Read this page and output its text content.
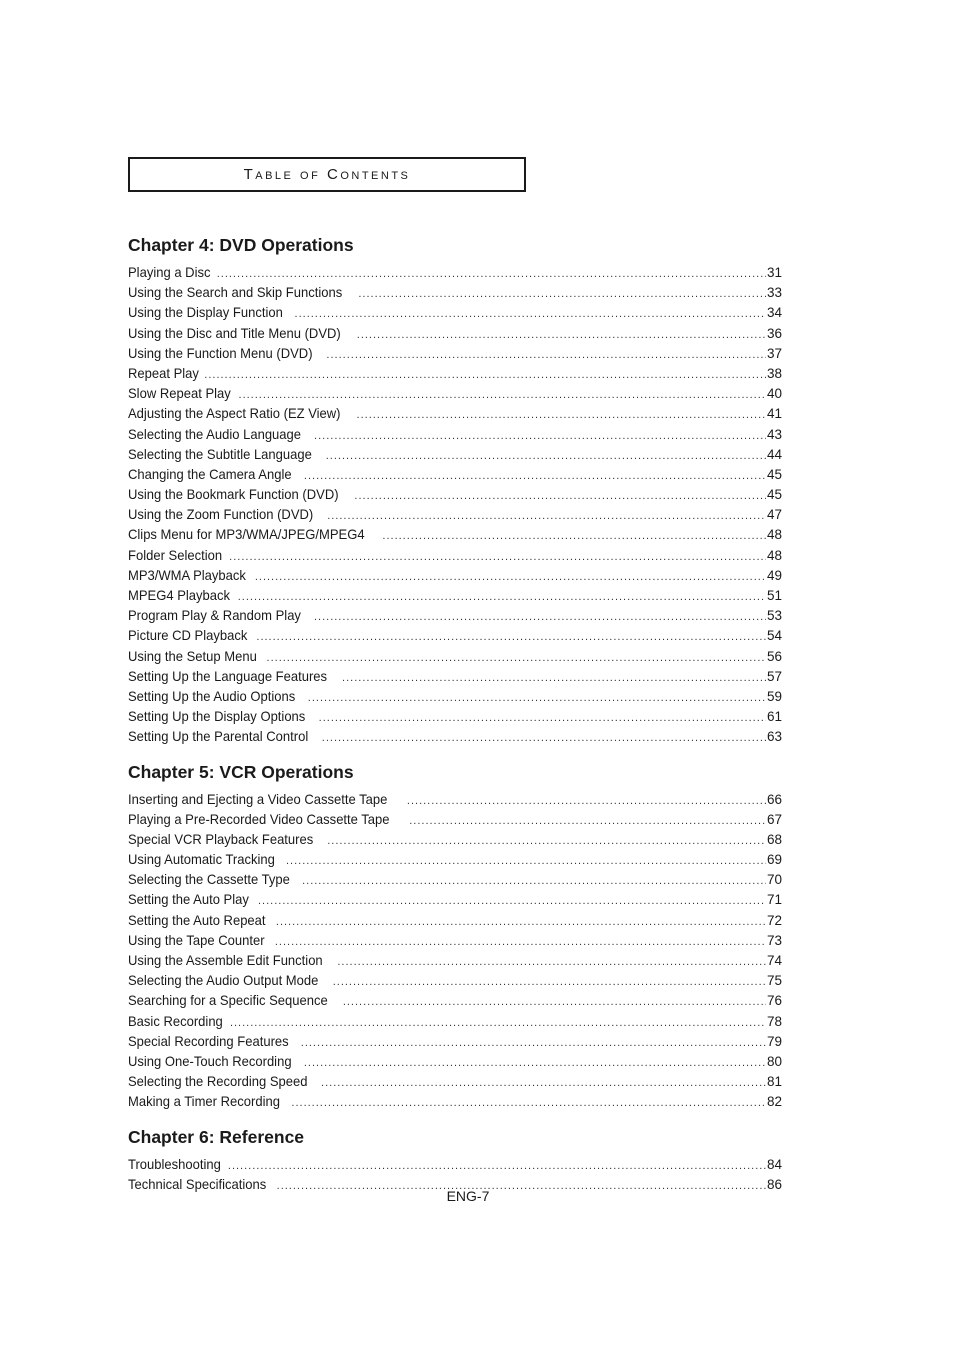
Table of Contents
Chapter 4: DVD Operations
Playing a Disc .....	31
Using the Search and Skip Functions .....	33
Using the Display Function .....	34
Using the Disc and Title Menu (DVD) .....	36
Using the Function Menu (DVD) .....	37
Repeat Play .....	38
Slow Repeat Play .....	40
Adjusting the Aspect Ratio (EZ View) .....	41
Selecting the Audio Language .....	43
Selecting the Subtitle Language .....	44
Changing the Camera Angle .....	45
Using the Bookmark Function (DVD) .....	45
Using the Zoom Function (DVD) .....	47
Clips Menu for MP3/WMA/JPEG/MPEG4 .....	48
Folder Selection .....	48
MP3/WMA Playback .....	49
MPEG4 Playback .....	51
Program Play & Random Play .....	53
Picture CD Playback .....	54
Using the Setup Menu .....	56
Setting Up the Language Features .....	57
Setting Up the Audio Options .....	59
Setting Up the Display Options .....	61
Setting Up the Parental Control .....	63
Chapter 5: VCR Operations
Inserting and Ejecting a Video Cassette Tape .....	66
Playing a Pre-Recorded Video Cassette Tape .....	67
Special VCR Playback Features .....	68
Using Automatic Tracking .....	69
Selecting the Cassette Type .....	70
Setting the Auto Play .....	71
Setting the Auto Repeat .....	72
Using the Tape Counter .....	73
Using the Assemble Edit Function .....	74
Selecting the Audio Output Mode .....	75
Searching for a Specific Sequence .....	76
Basic Recording .....	78
Special Recording Features .....	79
Using One-Touch Recording .....	80
Selecting the Recording Speed .....	81
Making a Timer Recording .....	82
Chapter 6: Reference
Troubleshooting .....	84
Technical Specifications .....	86
ENG-7
